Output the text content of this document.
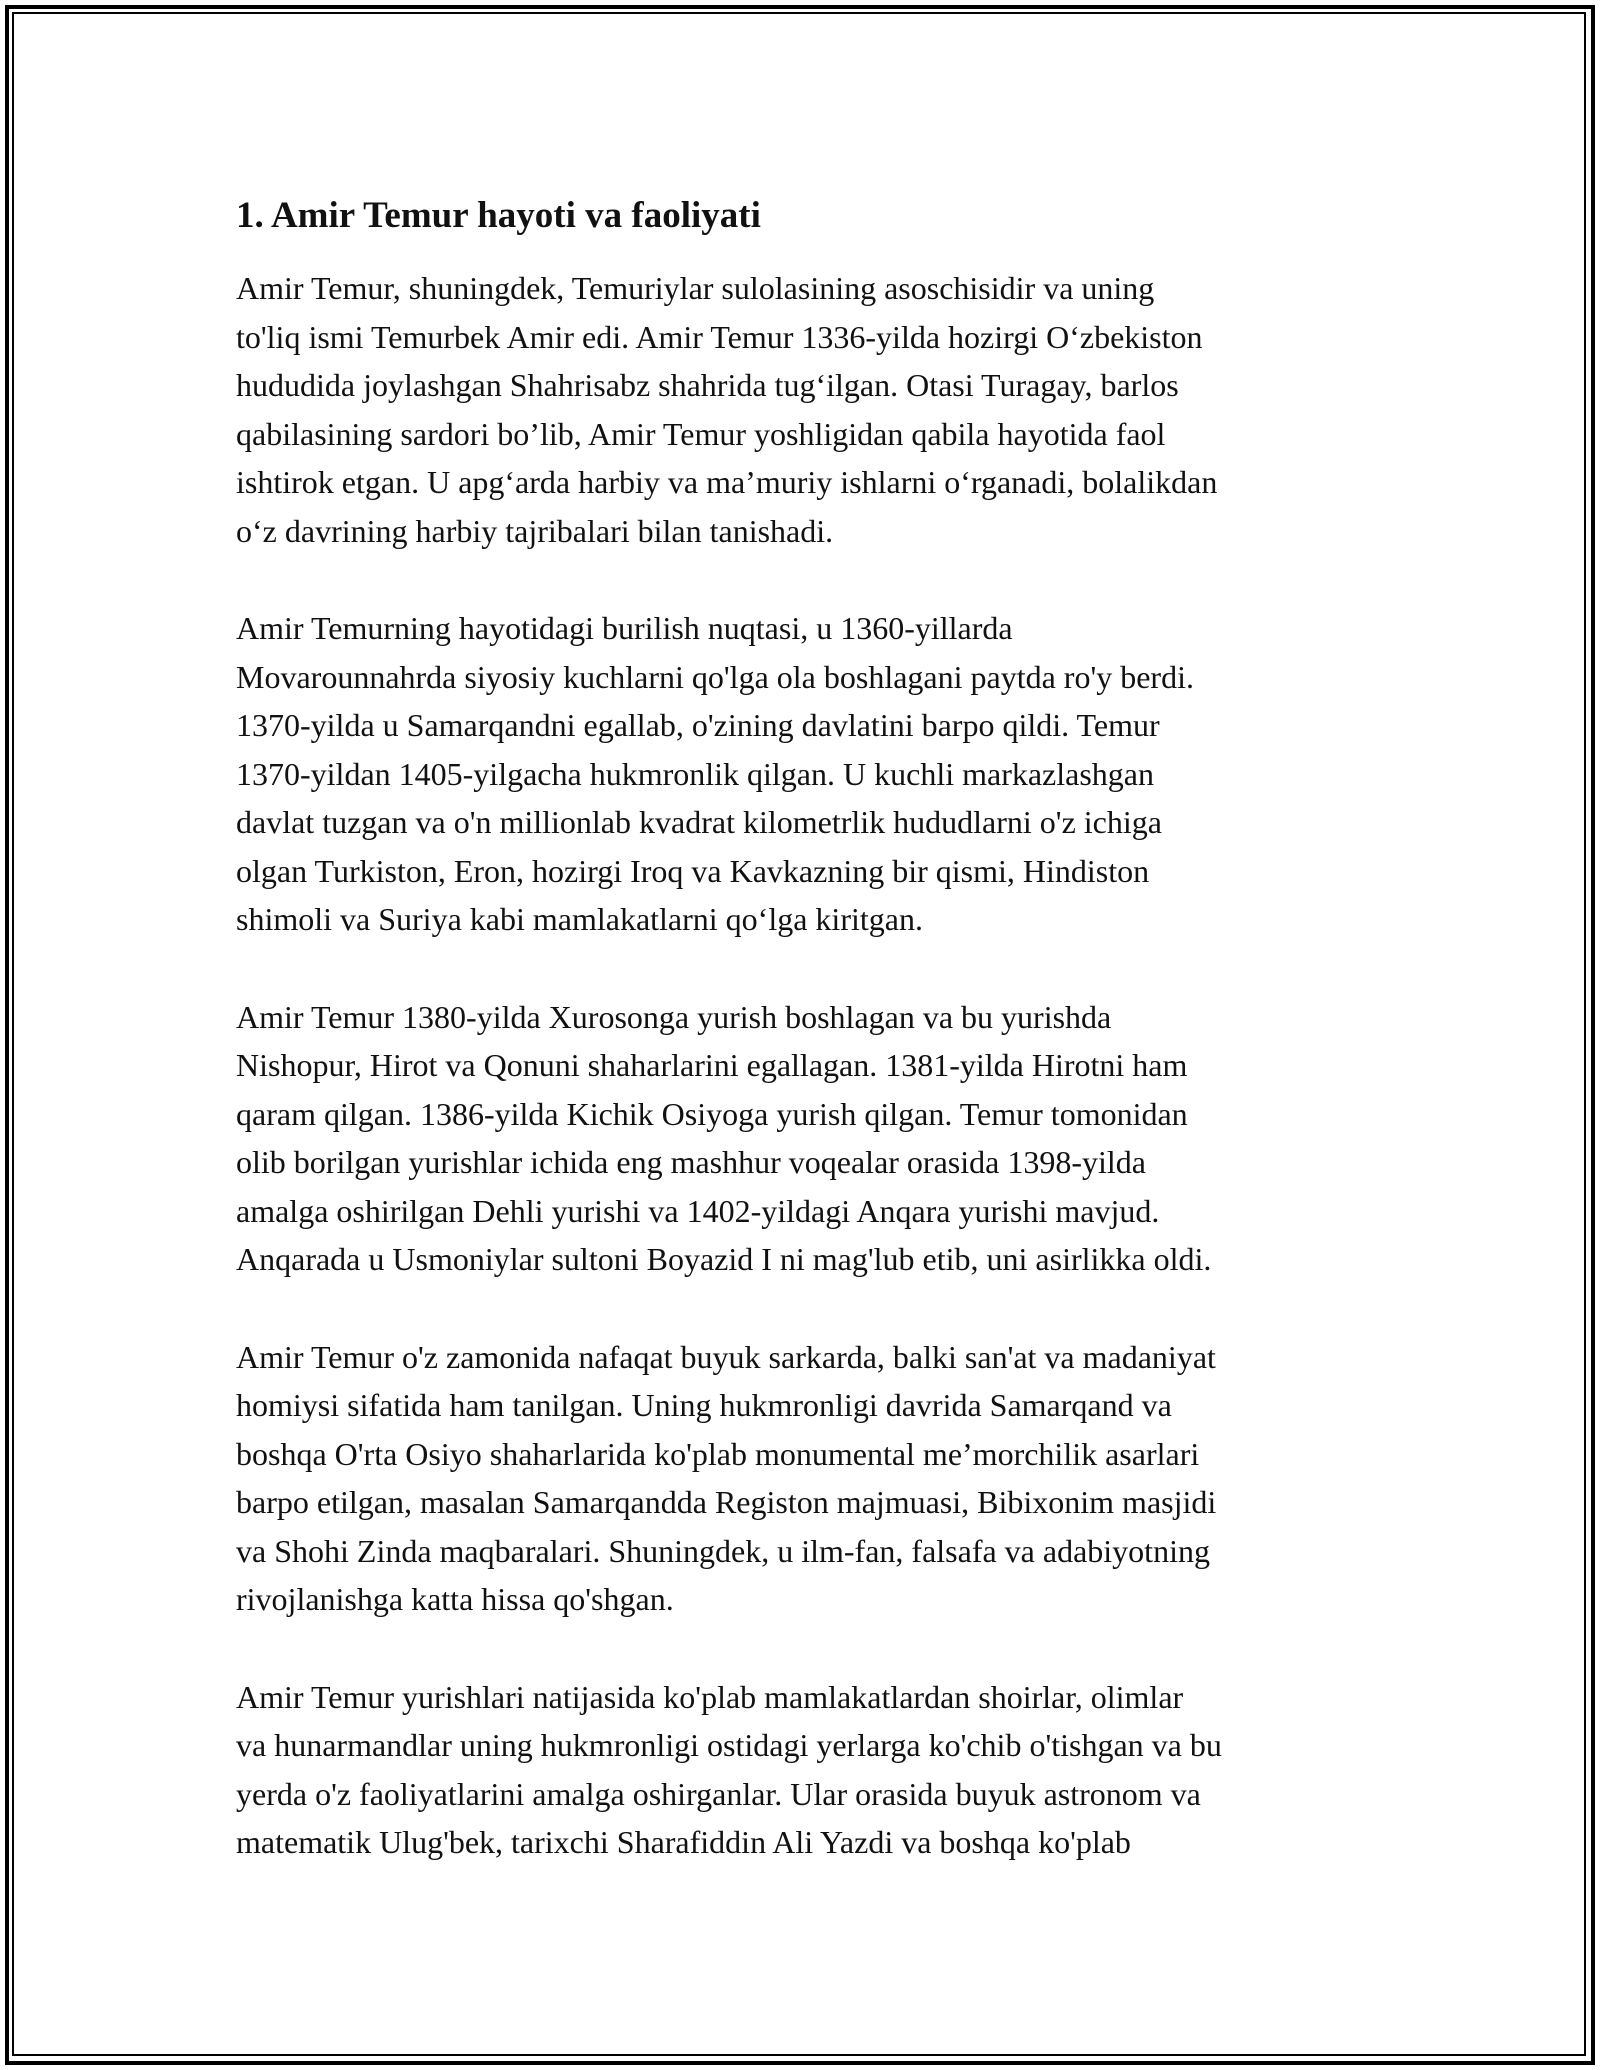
1. Amir Temur hayoti va faoliyati

Amir Temur, shuningdek, Temuriylar sulolasining asoschisidir va uning
to'liq ismi Temurbek Amir edi. Amir Temur 1336-yilda hozirgi O‘zbekiston
hududida joylashgan Shahrisabz shahrida tug‘ilgan. Otasi Turagay, barlos
qabilasining sardori bo’lib, Amir Temur yoshligidan qabila hayotida faol
ishtirok etgan. U apg‘arda harbiy va ma’muriy ishlarni o‘rganadi, bolalikdan
o‘z davrining harbiy tajribalari bilan tanishadi.

Amir Temurning hayotidagi burilish nuqtasi, u 1360-yillarda
Movarounnahrda siyosiy kuchlarni qo'lga ola boshlagani paytda ro'y berdi.
1370-yilda u Samarqandni egallab, o'zining davlatini barpo qildi. Temur
1370-yildan 1405-yilgacha hukmronlik qilgan. U kuchli markazlashgan
davlat tuzgan va o'n millionlab kvadrat kilometrlik hududlarni o'z ichiga
olgan Turkiston, Eron, hozirgi Iroq va Kavkazning bir qismi, Hindiston
shimoli va Suriya kabi mamlakatlarni qo‘lga kiritgan.

Amir Temur 1380-yilda Xurosonga yurish boshlagan va bu yurishda
Nishopur, Hirot va Qonuni shaharlarini egallagan. 1381-yilda Hirotni ham
qaram qilgan. 1386-yilda Kichik Osiyoga yurish qilgan. Temur tomonidan
olib borilgan yurishlar ichida eng mashhur voqealar orasida 1398-yilda
amalga oshirilgan Dehli yurishi va 1402-yildagi Anqara yurishi mavjud.
Anqarada u Usmoniylar sultoni Boyazid I ni mag'lub etib, uni asirlikka oldi.

Amir Temur o'z zamonida nafaqat buyuk sarkarda, balki san'at va madaniyat
homiysi sifatida ham tanilgan. Uning hukmronligi davrida Samarqand va
boshqa O'rta Osiyo shaharlarida ko'plab monumental me’morchilik asarlari
barpo etilgan, masalan Samarqandda Registon majmuasi, Bibixonim masjidi
va Shohi Zinda maqbaralari. Shuningdek, u ilm-fan, falsafa va adabiyotning
rivojlanishga katta hissa qo'shgan.

Amir Temur yurishlari natijasida ko'plab mamlakatlardan shoirlar, olimlar
va hunarmandlar uning hukmronligi ostidagi yerlarga ko'chib o'tishgan va bu
yerda o'z faoliyatlarini amalga oshirganlar. Ular orasida buyuk astronom va
matematik Ulug'bek, tarixchi Sharafiddin Ali Yazdi va boshqa ko'plab
